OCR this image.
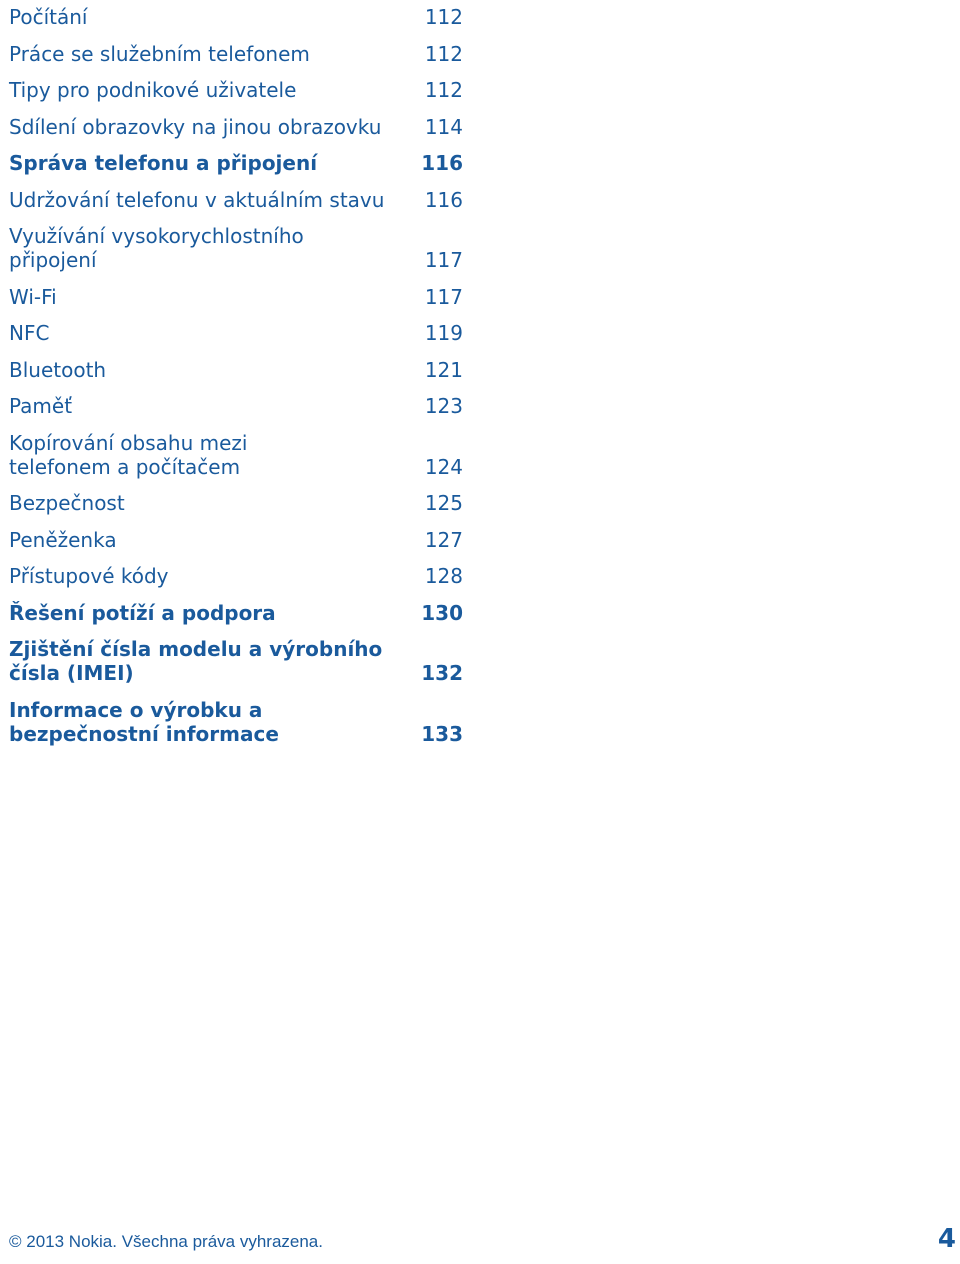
Počítání	112
Práce se služebním telefonem	112
Tipy pro podnikové uživatele	112
Sdílení obrazovky na jinou obrazovku	114
Správa telefonu a připojení	116
Udržování telefonu v aktuálním stavu	116
Využívání vysokorychlostního připojení	117
Wi-Fi	117
NFC	119
Bluetooth	121
Paměť	123
Kopírování obsahu mezi telefonem a počítačem	124
Bezpečnost	125
Peněženka	127
Přístupové kódy	128
Řešení potíží a podpora	130
Zjištění čísla modelu a výrobního čísla (IMEI)	132
Informace o výrobku a bezpečnostní informace	133
© 2013 Nokia. Všechna práva vyhrazena.	4
